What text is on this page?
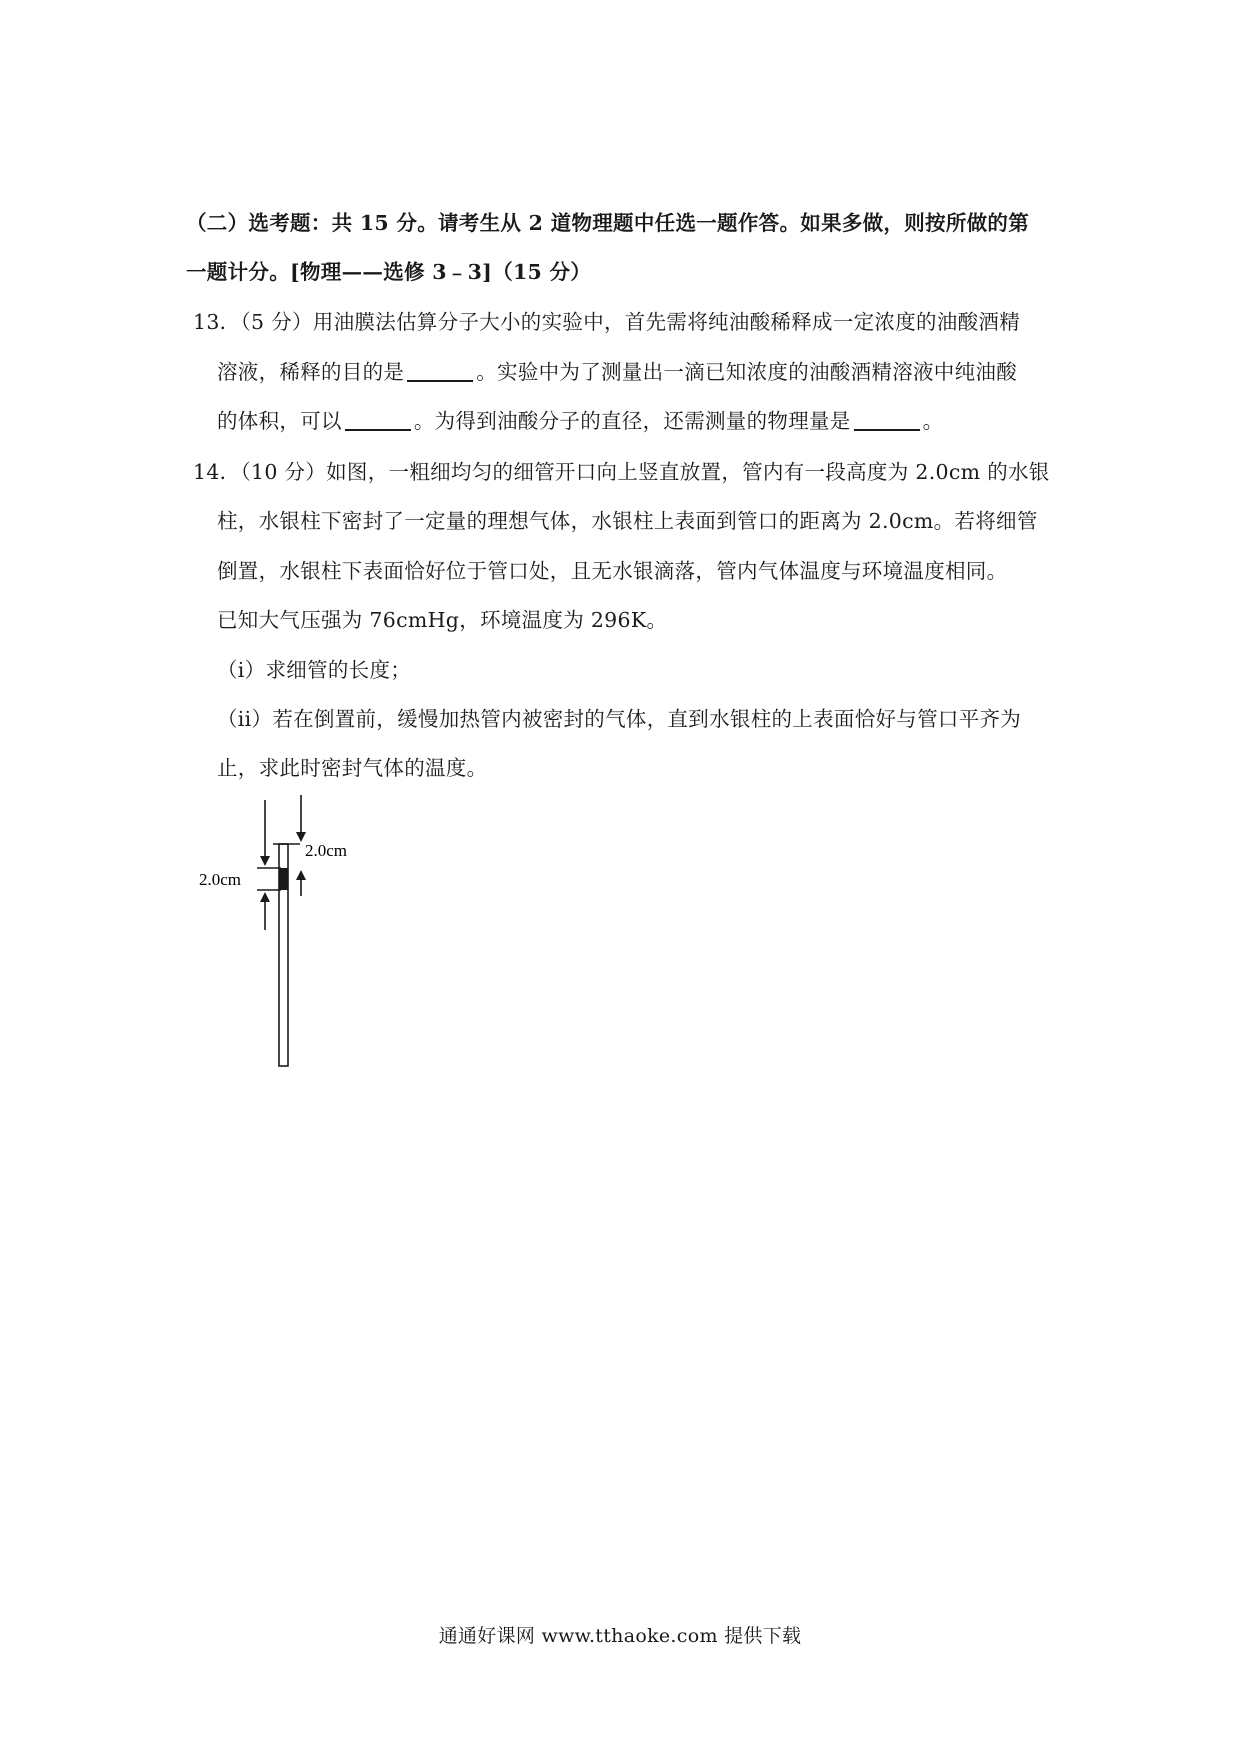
（二）选考题：共 15 分。请考生从 2 道物理题中任选一题作答。如果多做，则按所做的第
一题计分。[物理——选修 3﹣3]（15 分）
13．（5 分）用油膜法估算分子大小的实验中，首先需将纯油酸稀释成一定浓度的油酸酒精
溶液，稀释的目的是	。实验中为了测量出一滴已知浓度的油酸酒精溶液中纯油酸
的体积，可以	。为得到油酸分子的直径，还需测量的物理量是	。
14．（10 分）如图，一粗细均匀的细管开口向上竖直放置，管内有一段高度为 2.0cm 的水银
柱，水银柱下密封了一定量的理想气体，水银柱上表面到管口的距离为 2.0cm。若将细管
倒置，水银柱下表面恰好位于管口处，且无水银滴落，管内气体温度与环境温度相同。
已知大气压强为 76cmHg，环境温度为 296K。
（i）求细管的长度；
（ii）若在倒置前，缓慢加热管内被密封的气体，直到水银柱的上表面恰好与管口平齐为
止，求此时密封气体的温度。
2.0cm
2.0cm
通通好课网 www.tthaoke.com 提供下载
